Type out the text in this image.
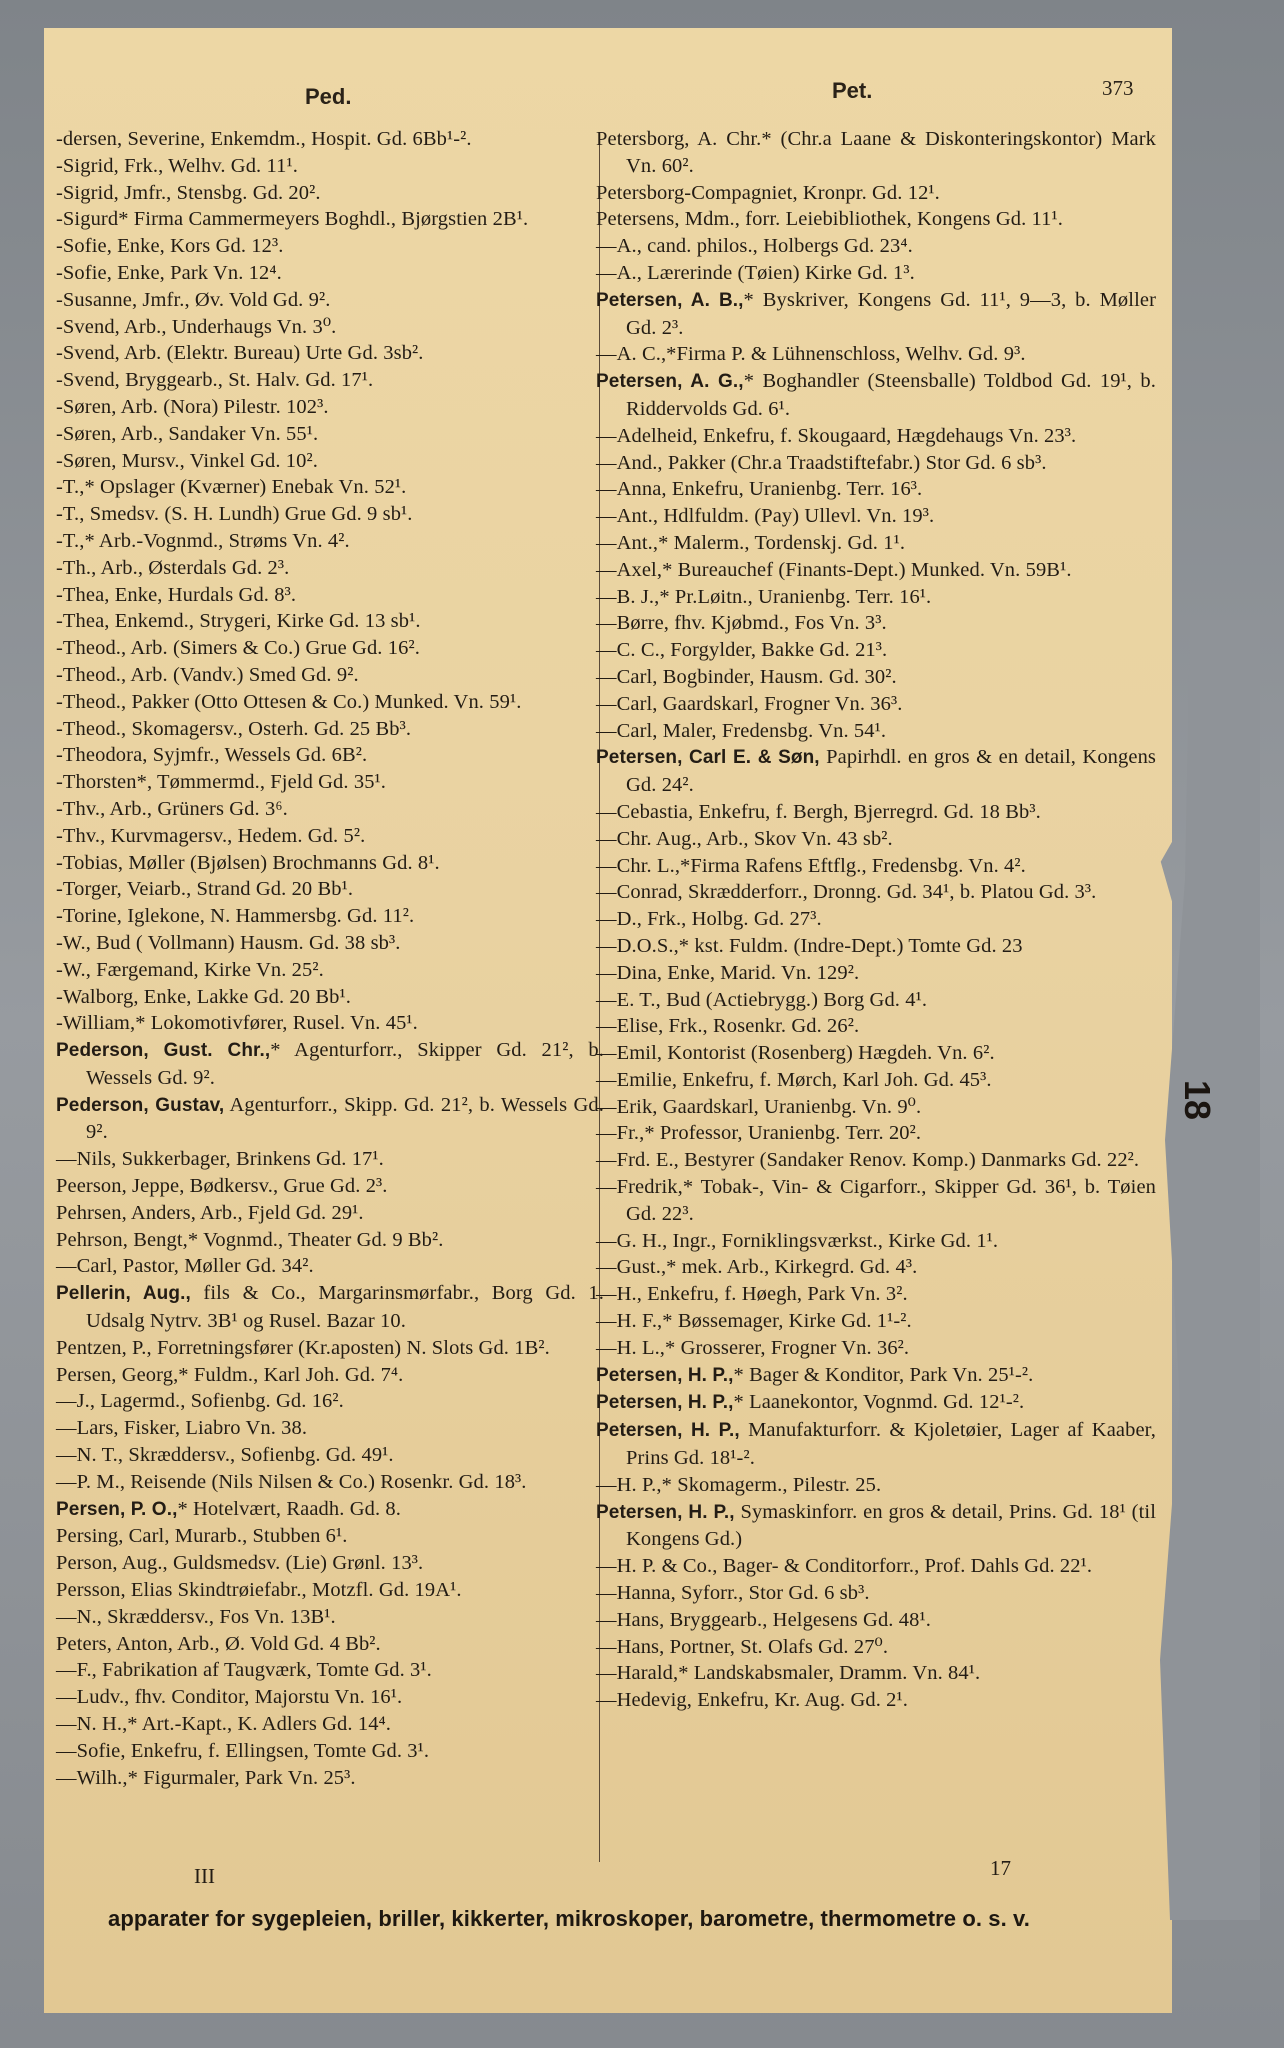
Ped.	Pet.	373
-dersen, Severine, Enkemdm., Hospit. Gd. 6Bb¹-².
-Sigrid, Frk., Welhv. Gd. 11¹.
-Sigrid, Jmfr., Stensbg. Gd. 20².
-Sigurd* Firma Cammermeyers Boghdl., Bjørgstien 2B¹.
-Sofie, Enke, Kors Gd. 12³.
-Sofie, Enke, Park Vn. 12⁴.
-Susanne, Jmfr., Øv. Vold Gd. 9².
-Svend, Arb., Underhaugs Vn. 3⁰.
-Svend, Arb. (Elektr. Bureau) Urte Gd. 3sb².
-Svend, Bryggearb., St. Halv. Gd. 17¹.
-Søren, Arb. (Nora) Pilestr. 102³.
-Søren, Arb., Sandaker Vn. 55¹.
-Søren, Mursv., Vinkel Gd. 10².
-T.,* Opslager (Kværner) Enebak Vn. 52¹.
-T., Smedsv. (S. H. Lundh) Grue Gd. 9 sb¹.
-T.,* Arb.-Vognmd., Strøms Vn. 4².
-Th., Arb., Østerdals Gd. 2³.
-Thea, Enke, Hurdals Gd. 8³.
-Thea, Enkemd., Strygeri, Kirke Gd. 13 sb¹.
-Theod., Arb. (Simers & Co.) Grue Gd. 16².
-Theod., Arb. (Vandv.) Smed Gd. 9².
-Theod., Pakker (Otto Ottesen & Co.) Munked. Vn. 59¹.
-Theod., Skomagersv., Osterh. Gd. 25 Bb³.
-Theodora, Syjmfr., Wessels Gd. 6B².
-Thorsten*, Tømmermd., Fjeld Gd. 35¹.
-Thv., Arb., Grüners Gd. 3⁶.
-Thv., Kurvmagersv., Hedem. Gd. 5².
-Tobias, Møller (Bjølsen) Brochmanns Gd. 8¹.
-Torger, Veiarb., Strand Gd. 20 Bb¹.
-Torine, Iglekone, N. Hammersbg. Gd. 11².
-W., Bud ( Vollmann) Hausm. Gd. 38 sb³.
-W., Færgemand, Kirke Vn. 25².
-Walborg, Enke, Lakke Gd. 20 Bb¹.
-William,* Lokomotivfører, Rusel. Vn. 45¹.
Pederson, Gust. Chr.,* Agenturforr., Skipper Gd. 21², b. Wessels Gd. 9².
Pederson, Gustav, Agenturforr., Skipp. Gd. 21², b. Wessels Gd. 9².
—Nils, Sukkerbager, Brinkens Gd. 17¹.
Peerson, Jeppe, Bødkersv., Grue Gd. 2³.
Pehrsen, Anders, Arb., Fjeld Gd. 29¹.
Pehrson, Bengt,* Vognmd., Theater Gd. 9 Bb².
—Carl, Pastor, Møller Gd. 34².
Pellerin, Aug., fils & Co., Margarinsmørfabr., Borg Gd. 1. Udsalg Nytrv. 3B¹ og Rusel. Bazar 10.
Pentzen, P., Forretningsfører (Kr.aposten) N. Slots Gd. 1B².
Persen, Georg,* Fuldm., Karl Joh. Gd. 7⁴.
—J., Lagermd., Sofienbg. Gd. 16².
—Lars, Fisker, Liabro Vn. 38.
—N. T., Skræddersv., Sofienbg. Gd. 49¹.
—P. M., Reisende (Nils Nilsen & Co.) Rosenkr. Gd. 18³.
Persen, P. O.,* Hotelvært, Raadh. Gd. 8.
Persing, Carl, Murarb., Stubben 6¹.
Person, Aug., Guldsmedsv. (Lie) Grønl. 13³.
Persson, Elias Skindtrøiefabr., Motzfl. Gd. 19A¹.
—N., Skræddersv., Fos Vn. 13B¹.
Peters, Anton, Arb., Ø. Vold Gd. 4 Bb².
—F., Fabrikation af Taugværk, Tomte Gd. 3¹.
—Ludv., fhv. Conditor, Majorstu Vn. 16¹.
—N. H.,* Art.-Kapt., K. Adlers Gd. 14⁴.
—Sofie, Enkefru, f. Ellingsen, Tomte Gd. 3¹.
—Wilh.,* Figurmaler, Park Vn. 25³.
Petersborg, A. Chr.* (Chr.a Laane & Diskonteringskontor) Mark Vn. 60².
Petersborg-Compagniet, Kronpr. Gd. 12¹.
Petersens, Mdm., forr. Leiebibliothek, Kongens Gd. 11¹.
—A., cand. philos., Holbergs Gd. 23⁴.
—A., Lærerinde (Tøien) Kirke Gd. 1³.
Petersen, A. B.,* Byskriver, Kongens Gd. 11¹, 9—3, b. Møller Gd. 2³.
—A. C.,*Firma P. & Lühnenschloss, Welhv. Gd. 9³.
Petersen, A. G.,* Boghandler (Steensballe) Toldbod Gd. 19¹, b. Riddervolds Gd. 6¹.
—Adelheid, Enkefru, f. Skougaard, Hægdehaugs Vn. 23³.
—And., Pakker (Chr.a Traadstiftefabr.) Stor Gd. 6 sb³.
—Anna, Enkefru, Uranienbg. Terr. 16³.
—Ant., Hdlfuldm. (Pay) Ullevl. Vn. 19³.
—Ant.,* Malerm., Tordenskj. Gd. 1¹.
—Axel,* Bureauchef (Finants-Dept.) Munked. Vn. 59B¹.
—B. J.,* Pr.Løitn., Uranienbg. Terr. 16¹.
—Børre, fhv. Kjøbmd., Fos Vn. 3³.
—C. C., Forgylder, Bakke Gd. 21³.
—Carl, Bogbinder, Hausm. Gd. 30².
—Carl, Gaardskarl, Frogner Vn. 36³.
—Carl, Maler, Fredensbg. Vn. 54¹.
Petersen, Carl E. & Søn, Papirhdl. en gros & en detail, Kongens Gd. 24².
—Cebastia, Enkefru, f. Bergh, Bjerregrd. Gd. 18 Bb³.
—Chr. Aug., Arb., Skov Vn. 43 sb².
—Chr. L.,*Firma Rafens Eftflg., Fredensbg. Vn. 4².
—Conrad, Skrædderforr., Dronng. Gd. 34¹, b. Platou Gd. 3³.
—D., Frk., Holbg. Gd. 27³.
—D.O.S.,* kst. Fuldm. (Indre-Dept.) Tomte Gd. 23
—Dina, Enke, Marid. Vn. 129².
—E. T., Bud (Actiebrygg.) Borg Gd. 4¹.
—Elise, Frk., Rosenkr. Gd. 26².
—Emil, Kontorist (Rosenberg) Hægdeh. Vn. 6².
—Emilie, Enkefru, f. Mørch, Karl Joh. Gd. 45³.
—Erik, Gaardskarl, Uranienbg. Vn. 9⁰.
—Fr.,* Professor, Uranienbg. Terr. 20².
—Frd. E., Bestyrer (Sandaker Renov. Komp.) Danmarks Gd. 22².
—Fredrik,* Tobak-, Vin- & Cigarforr., Skipper Gd. 36¹, b. Tøien Gd. 22³.
—G. H., Ingr., Forniklingsværkst., Kirke Gd. 1¹.
—Gust.,* mek. Arb., Kirkegrd. Gd. 4³.
—H., Enkefru, f. Høegh, Park Vn. 3².
—H. F.,* Bøssemager, Kirke Gd. 1¹-².
—H. L.,* Grosserer, Frogner Vn. 36².
Petersen, H. P.,* Bager & Konditor, Park Vn. 25¹-².
Petersen, H. P.,* Laanekontor, Vognmd. Gd. 12¹-².
Petersen, H. P., Manufakturforr. & Kjoletøier, Lager af Kaaber, Prins Gd. 18¹-².
—H. P.,* Skomagerm., Pilestr. 25.
Petersen, H. P., Symaskinforr. en gros & detail, Prins. Gd. 18¹ (til Kongens Gd.)
—H. P. & Co., Bager- & Conditorforr., Prof. Dahls Gd. 22¹.
—Hanna, Syforr., Stor Gd. 6 sb³.
—Hans, Bryggearb., Helgesens Gd. 48¹.
—Hans, Portner, St. Olafs Gd. 27⁰.
—Harald,* Landskabsmaler, Dramm. Vn. 84¹.
—Hedevig, Enkefru, Kr. Aug. Gd. 2¹.
18
III	17
apparater for sygepleien, briller, kikkerter, mikroskoper, barometre, thermometre o. s. v.
